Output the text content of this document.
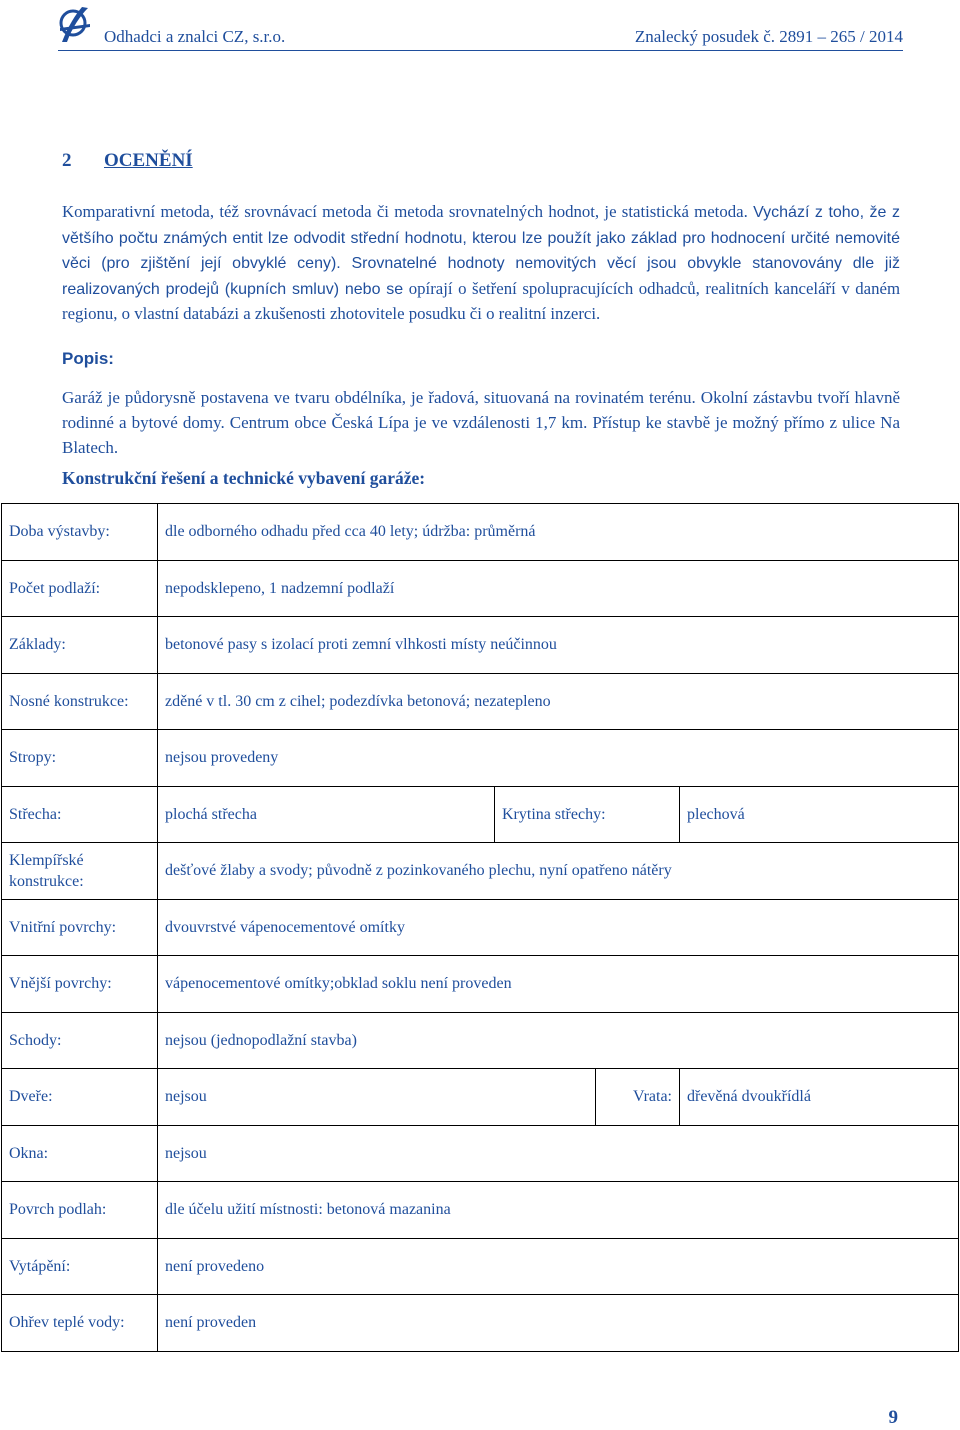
Odhadci a znalci CZ, s.r.o.	Znalecký posudek č. 2891 – 265 / 2014
2 OCENĚNÍ
Komparativní metoda, též srovnávací metoda či metoda srovnatelných hodnot, je statistická metoda. Vychází z toho, že z většího počtu známých entit lze odvodit střední hodnotu, kterou lze použít jako základ pro hodnocení určité nemovité věci (pro zjištění její obvyklé ceny). Srovnatelné hodnoty nemovitých věcí jsou obvykle stanovovány dle již realizovaných prodejů (kupních smluv) nebo se opírají o šetření spolupracujících odhadců, realitních kanceláří v daném regionu, o vlastní databázi a zkušenosti zhotovitele posudku či o realitní inzerci.
Popis:
Garáž je půdorysně postavena ve tvaru obdélníka, je řadová, situovaná na rovinatém terénu. Okolní zástavbu tvoří hlavně rodinné a bytové domy. Centrum obce Česká Lípa je ve vzdálenosti 1,7 km. Přístup ke stavbě je možný přímo z ulice Na Blatech.
Konstrukční řešení a technické vybavení garáže:
Doba výstavby:	dle odborného odhadu před cca 40 lety; údržba: průměrná			
Počet podlaží:	nepodsklepeno, 1 nadzemní podlaží			
Základy:	betonové pasy s izolací proti zemní vlhkosti místy neúčinnou			
Nosné konstrukce:	zděné v tl. 30 cm z cihel; podezdívka betonová; nezatepleno			
Stropy:	nejsou provedeny			
Střecha:	plochá střecha	Krytina střechy:		plechová
Klempířské konstrukce:	dešťové žlaby a svody; původně z pozinkovaného plechu, nyní opatřeno nátěry			
Vnitřní povrchy:	dvouvrstvé vápenocementové omítky			
Vnější povrchy:	vápenocementové omítky;obklad soklu není proveden			
Schody:	nejsou (jednopodlažní stavba)			
Dveře:	nejsou		Vrata:	dřevěná dvoukřídlá
Okna:	nejsou			
Povrch podlah:	dle účelu užití místnosti: betonová mazanina			
Vytápění:	není provedeno			
Ohřev teplé vody:	není proveden			
9
